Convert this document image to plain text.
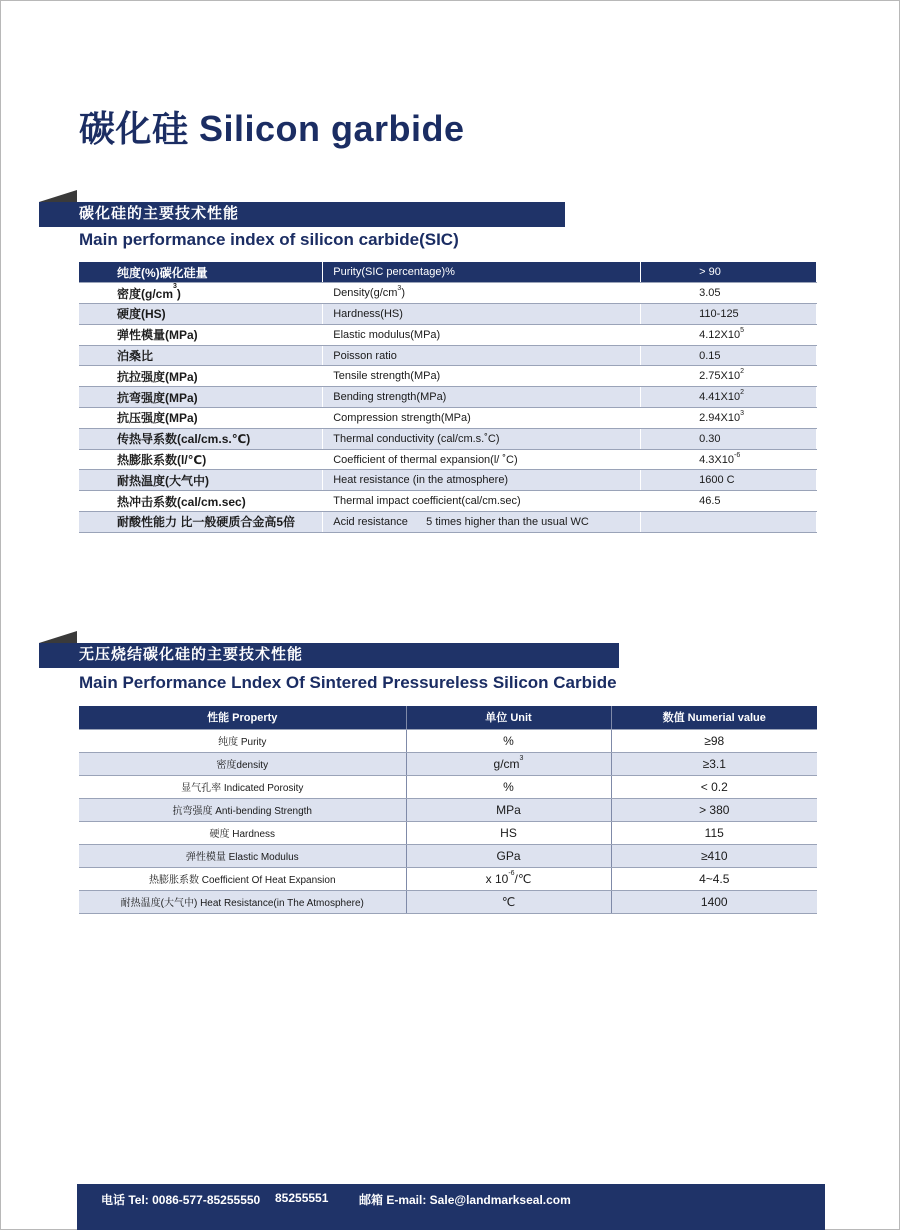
碳化硅 Silicon garbide
碳化硅的主要技术性能
Main performance index of silicon carbide(SIC)
纯度(%)碳化硅量	Purity(SIC percentage)%	> 90
密度$(g/cm^3)$	$Density(g/cm^3)$	3.05
硬度(HS)	Hardness(HS)	110-125
弹性模量(MPa)	Elastic modulus(MPa)	$4.12X10^5$
泊桑比	Poisson ratio	0.15
抗拉强度(MPa)	Tensile strength(MPa)	$2.75X10^2$
抗弯强度(MPa)	Bending strength(MPa)	$4.41X10^2$
抗压强度(MPa)	Compression strength(MPa)	$2.94X10^3$
传热导系数(cal/cm.s.℃)	Thermal conductivity (cal/cm.s.˚C)	0.30
热膨胀系数(l/℃)	Coefficient of thermal expansion(l/ ˚C)	$4.3X10^{-6}$
耐热温度(大气中)	Heat resistance (in the atmosphere)	1600 C
热冲击系数(cal/cm.sec)	Thermal impact coefficient(cal/cm.sec)	46.5
耐酸性能力 比一般硬质合金高5倍	Acid resistance      5 times higher than the usual WC	
无压烧结碳化硅的主要技术性能
Main Performance Lndex Of Sintered Pressureless Silicon Carbide
性能 Property	单位 Unit	数值 Numerial value
纯度 Purity	%	≥98
密度density	$g/cm^3$	≥3.1
显气孔率 Indicated Porosity	%	< 0.2
抗弯强度 Anti-bending Strength	MPa	> 380
硬度 Hardness	HS	115
弹性模量 Elastic Modulus	GPa	≥410
热膨胀系数 Coefficient Of Heat Expansion	x $10^{-6}/℃$	4~4.5
耐热温度(大气中) Heat Resistance(in The Atmosphere)	℃	1400
电话 Tel: 0086-577-85255550 85255551	邮箱 E-mail: Sale@landmarkseal.com
